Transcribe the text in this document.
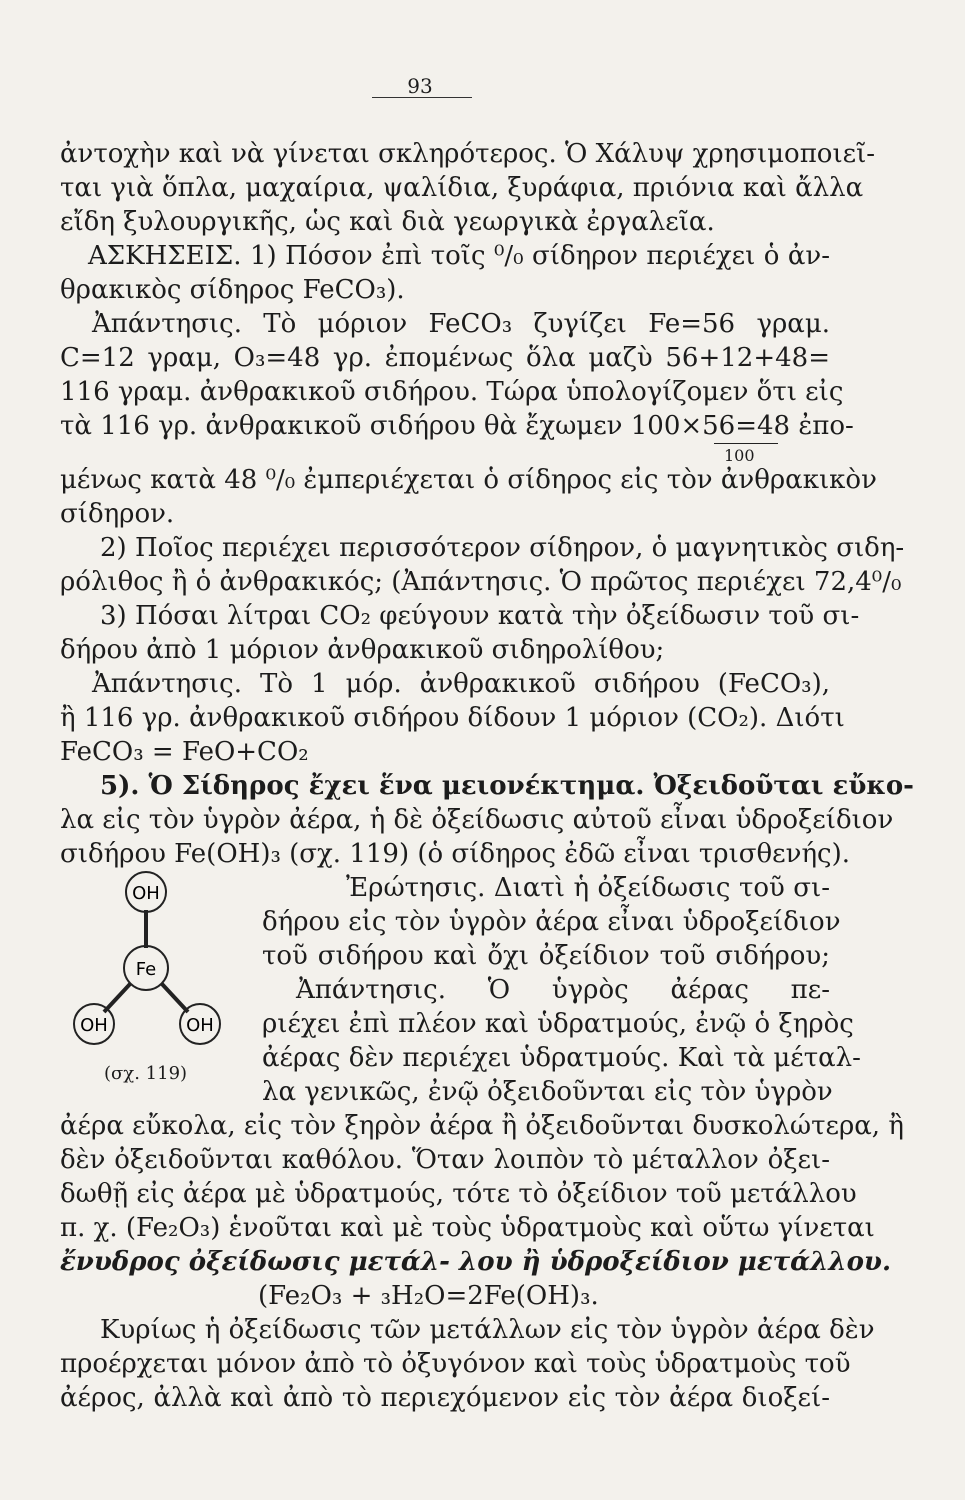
93
ἀντοχὴν καὶ νὰ γίνεται σκληρότερος. Ὁ Χάλυψ χρησιμοποιεῖ-
ται γιὰ ὅπλα, μαχαίρια, ψαλίδια, ξυράφια, πριόνια καὶ ἄλλα
εἴδη ξυλουργικῆς, ὡς καὶ διὰ γεωργικὰ ἐργαλεῖα.
ΑΣΚΗΣΕΙΣ. 1) Πόσον ἐπὶ τοῖς ⁰/₀ σίδηρον περιέχει ὁ ἀν-
θρακικὸς σίδηρος FeCO₃).
Ἀπάντησις. Τὸ μόριον FeCO₃ ζυγίζει Fe=56 γραμ.
C=12 γραμ, O₃=48 γρ. ἐπομένως ὅλα μαζὺ 56+12+48=
116 γραμ. ἀνθρακικοῦ σιδήρου. Τώρα ὑπολογίζομεν ὅτι εἰς
τὰ 116 γρ. ἀνθρακικοῦ σιδήρου θὰ ἔχωμεν 100×56=48 ἐπο-
100
μένως κατὰ 48 ⁰/₀ ἐμπεριέχεται ὁ σίδηρος εἰς τὸν ἀνθρακικὸν
σίδηρον.
2) Ποῖος περιέχει περισσότερον σίδηρον, ὁ μαγνητικὸς σιδη-
ρόλιθος ἢ ὁ ἀνθρακικός; (Ἀπάντησις. Ὁ πρῶτος περιέχει 72,4⁰/₀
3) Πόσαι λίτραι CO₂ φεύγουν κατὰ τὴν ὀξείδωσιν τοῦ σι-
δήρου ἀπὸ 1 μόριον ἀνθρακικοῦ σιδηρολίθου;
Ἀπάντησις. Τὸ 1 μόρ. ἀνθρακικοῦ σιδήρου (FeCO₃),
ἢ 116 γρ. ἀνθρακικοῦ σιδήρου δίδουν 1 μόριον (CO₂). Διότι
FeCO₃ = FeO+CO₂
5). Ὁ Σίδηρος ἔχει ἕνα μειονέκτημα. Ὀξειδοῦται εὔκο-
λα εἰς τὸν ὑγρὸν ἀέρα, ἡ δὲ ὀξείδωσις αὐτοῦ εἶναι ὑδροξείδιον
σιδήρου Fe(OH)₃ (σχ. 119) (ὁ σίδηρος ἐδῶ εἶναι τρισθενής).
OH
Fe
OH	OH
(σχ. 119)
Ἐρώτησις. Διατὶ ἡ ὀξείδωσις τοῦ σι-
δήρου εἰς τὸν ὑγρὸν ἀέρα εἶναι ὑδροξείδιον
τοῦ σιδήρου καὶ ὄχι ὀξείδιον τοῦ σιδήρου;
Ἀπάντησις. Ὁ ὑγρὸς ἀέρας πε-
ριέχει ἐπὶ πλέον καὶ ὑδρατμούς, ἐνῷ ὁ ξηρὸς
ἀέρας δὲν περιέχει ὑδρατμούς. Καὶ τὰ μέταλ-
λα γενικῶς, ἐνῷ ὀξειδοῦνται εἰς τὸν ὑγρὸν
ἀέρα εὔκολα, εἰς τὸν ξηρὸν ἀέρα ἢ ὀξειδοῦνται δυσκολώτερα, ἢ
δὲν ὀξειδοῦνται καθόλου. Ὅταν λοιπὸν τὸ μέταλλον ὀξει-
δωθῇ εἰς ἀέρα μὲ ὑδρατμούς, τότε τὸ ὀξείδιον τοῦ μετάλλου
π. χ. (Fe₂O₃) ἑνοῦται καὶ μὲ τοὺς ὑδρατμοὺς καὶ οὕτω γίνεται
ἔνυδρος ὀξείδωσις μετάλ- λου ἢ ὑδροξείδιον μετάλλου.
(Fe₂O₃ + ₃H₂O=2Fe(OH)₃.
Κυρίως ἡ ὀξείδωσις τῶν μετάλλων εἰς τὸν ὑγρὸν ἀέρα δὲν
προέρχεται μόνον ἀπὸ τὸ ὀξυγόνον καὶ τοὺς ὑδρατμοὺς τοῦ
ἀέρος, ἀλλὰ καὶ ἀπὸ τὸ περιεχόμενον εἰς τὸν ἀέρα διοξεί-
